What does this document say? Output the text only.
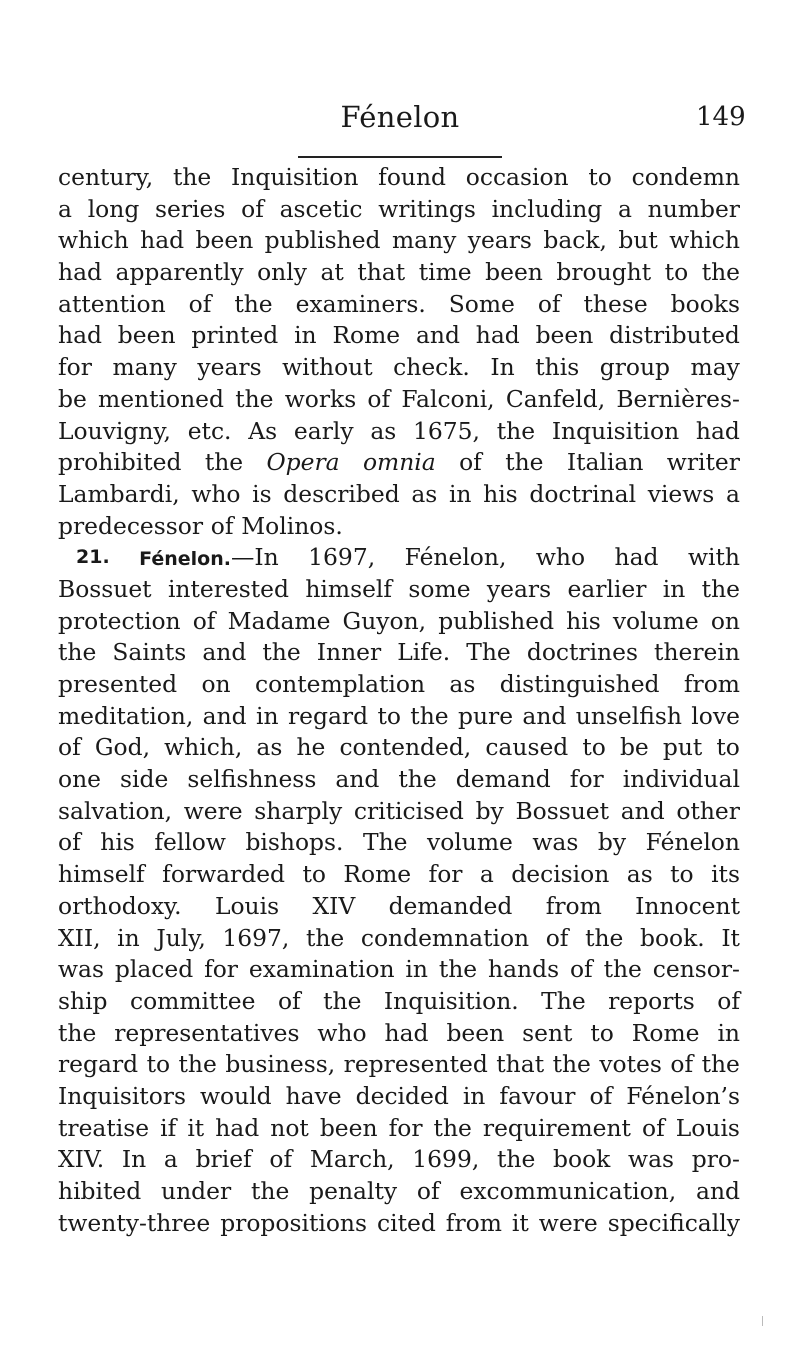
Fénelon	149
century, the Inquisition found occasion to condemn
a long series of ascetic writings including a number
which had been published many years back, but which
had apparently only at that time been brought to the
attention of the examiners. Some of these books
had been printed in Rome and had been distributed
for many years without check. In this group may
be mentioned the works of Falconi, Canfeld, Bernières-
Louvigny, etc. As early as 1675, the Inquisition had
prohibited the Opera omnia of the Italian writer
Lambardi, who is described as in his doctrinal views a
predecessor of Molinos.
21. Fénelon.—In 1697, Fénelon, who had with
Bossuet interested himself some years earlier in the
protection of Madame Guyon, published his volume on
the Saints and the Inner Life. The doctrines therein
presented on contemplation as distinguished from
meditation, and in regard to the pure and unselfish love
of God, which, as he contended, caused to be put to
one side selfishness and the demand for individual
salvation, were sharply criticised by Bossuet and other
of his fellow bishops. The volume was by Fénelon
himself forwarded to Rome for a decision as to its
orthodoxy. Louis XIV demanded from Innocent
XII, in July, 1697, the condemnation of the book. It
was placed for examination in the hands of the censor-
ship committee of the Inquisition. The reports of
the representatives who had been sent to Rome in
regard to the business, represented that the votes of the
Inquisitors would have decided in favour of Fénelon’s
treatise if it had not been for the requirement of Louis
XIV. In a brief of March, 1699, the book was pro-
hibited under the penalty of excommunication, and
twenty-three propositions cited from it were specifically
